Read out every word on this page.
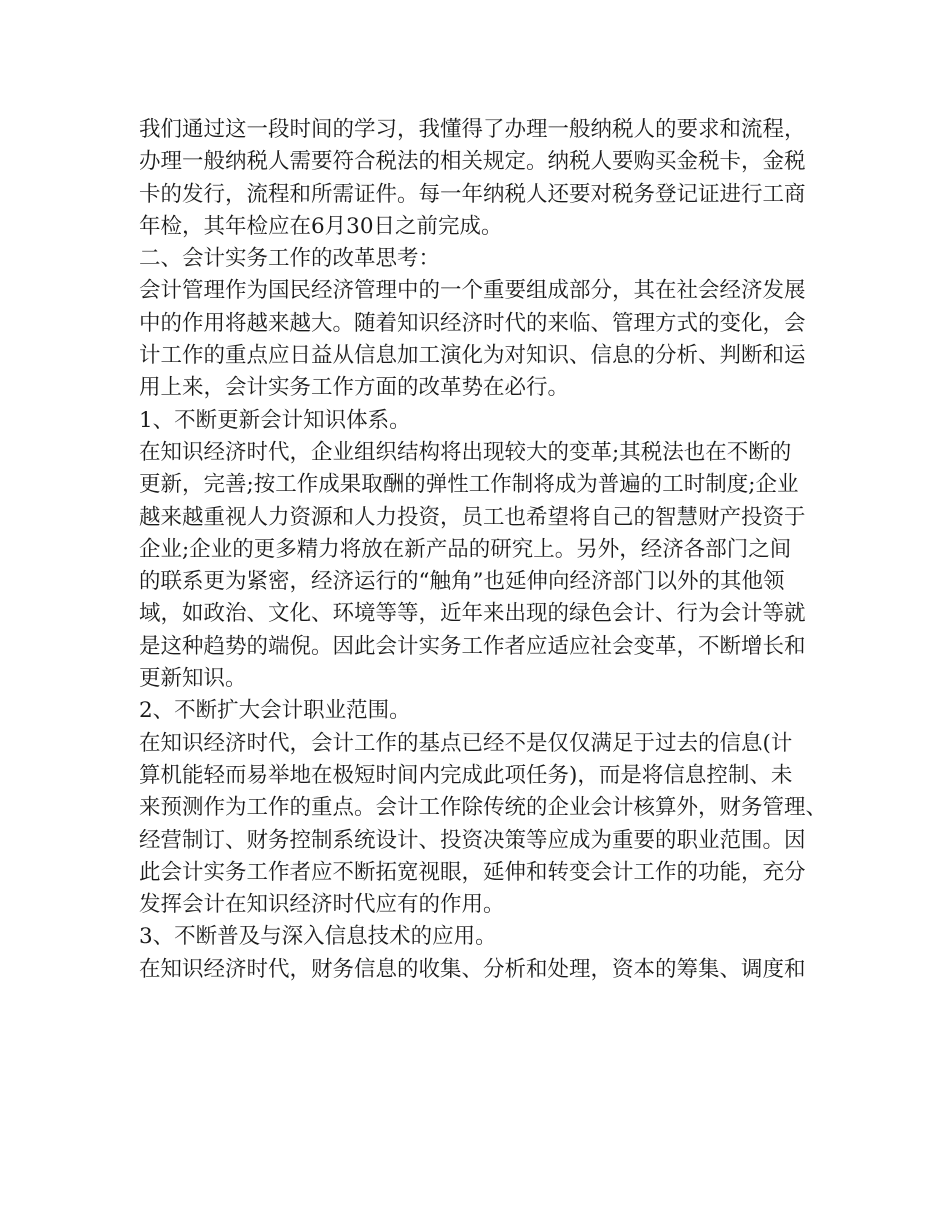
我们通过这一段时间的学习，我懂得了办理一般纳税人的要求和流程，
办理一般纳税人需要符合税法的相关规定。纳税人要购买金税卡，金税
卡的发行，流程和所需证件。每一年纳税人还要对税务登记证进行工商
年检，其年检应在6月30日之前完成。
二、会计实务工作的改革思考：
会计管理作为国民经济管理中的一个重要组成部分，其在社会经济发展
中的作用将越来越大。随着知识经济时代的来临、管理方式的变化，会
计工作的重点应日益从信息加工演化为对知识、信息的分析、判断和运
用上来，会计实务工作方面的改革势在必行。
1、不断更新会计知识体系。
在知识经济时代，企业组织结构将出现较大的变革;其税法也在不断的
更新，完善;按工作成果取酬的弹性工作制将成为普遍的工时制度;企业
越来越重视人力资源和人力投资，员工也希望将自己的智慧财产投资于
企业;企业的更多精力将放在新产品的研究上。另外，经济各部门之间
的联系更为紧密，经济运行的“触角”也延伸向经济部门以外的其他领
域，如政治、文化、环境等等，近年来出现的绿色会计、行为会计等就
是这种趋势的端倪。因此会计实务工作者应适应社会变革，不断增长和
更新知识。
2、不断扩大会计职业范围。
在知识经济时代，会计工作的基点已经不是仅仅满足于过去的信息(计
算机能轻而易举地在极短时间内完成此项任务)，而是将信息控制、未
来预测作为工作的重点。会计工作除传统的企业会计核算外，财务管理、
经营制订、财务控制系统设计、投资决策等应成为重要的职业范围。因
此会计实务工作者应不断拓宽视眼，延伸和转变会计工作的功能，充分
发挥会计在知识经济时代应有的作用。
3、不断普及与深入信息技术的应用。
在知识经济时代，财务信息的收集、分析和处理，资本的筹集、调度和
